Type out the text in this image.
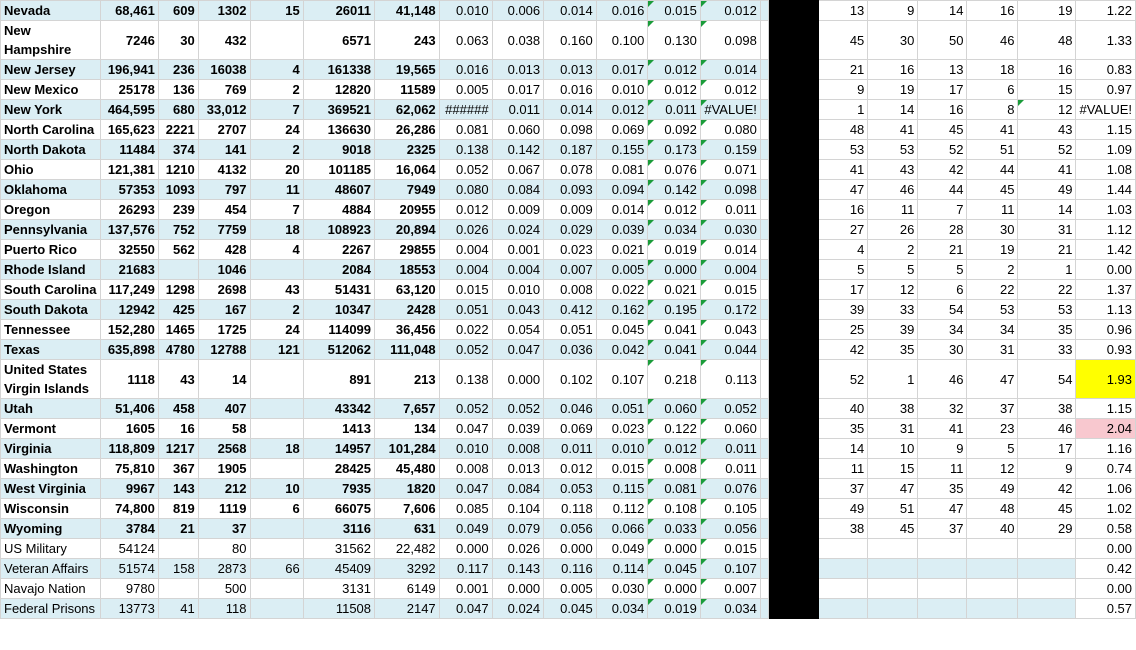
Nevada	68,461	609	1302	15	26011	41,148	0.010	0.006	0.014	0.016	0.015	0.012			13	9	14	16	19	1.22
New Hampshire	7246	30	432		6571	243	0.063	0.038	0.160	0.100	0.130	0.098			45	30	50	46	48	1.33
New Jersey	196,941	236	16038	4	161338	19,565	0.016	0.013	0.013	0.017	0.012	0.014			21	16	13	18	16	0.83
New Mexico	25178	136	769	2	12820	11589	0.005	0.017	0.016	0.010	0.012	0.012			9	19	17	6	15	0.97
New York	464,595	680	33,012	7	369521	62,062	######	0.011	0.014	0.012	0.011	#VALUE!			1	14	16	8	12	#VALUE!
North Carolina	165,623	2221	2707	24	136630	26,286	0.081	0.060	0.098	0.069	0.092	0.080			48	41	45	41	43	1.15
North Dakota	11484	374	141	2	9018	2325	0.138	0.142	0.187	0.155	0.173	0.159			53	53	52	51	52	1.09
Ohio	121,381	1210	4132	20	101185	16,064	0.052	0.067	0.078	0.081	0.076	0.071			41	43	42	44	41	1.08
Oklahoma	57353	1093	797	11	48607	7949	0.080	0.084	0.093	0.094	0.142	0.098			47	46	44	45	49	1.44
Oregon	26293	239	454	7	4884	20955	0.012	0.009	0.009	0.014	0.012	0.011			16	11	7	11	14	1.03
Pennsylvania	137,576	752	7759	18	108923	20,894	0.026	0.024	0.029	0.039	0.034	0.030			27	26	28	30	31	1.12
Puerto Rico	32550	562	428	4	2267	29855	0.004	0.001	0.023	0.021	0.019	0.014			4	2	21	19	21	1.42
Rhode Island	21683		1046		2084	18553	0.004	0.004	0.007	0.005	0.000	0.004			5	5	5	2	1	0.00
South Carolina	117,249	1298	2698	43	51431	63,120	0.015	0.010	0.008	0.022	0.021	0.015			17	12	6	22	22	1.37
South Dakota	12942	425	167	2	10347	2428	0.051	0.043	0.412	0.162	0.195	0.172			39	33	54	53	53	1.13
Tennessee	152,280	1465	1725	24	114099	36,456	0.022	0.054	0.051	0.045	0.041	0.043			25	39	34	34	35	0.96
Texas	635,898	4780	12788	121	512062	111,048	0.052	0.047	0.036	0.042	0.041	0.044			42	35	30	31	33	0.93
United States Virgin Islands	1118	43	14		891	213	0.138	0.000	0.102	0.107	0.218	0.113			52	1	46	47	54	1.93
Utah	51,406	458	407		43342	7,657	0.052	0.052	0.046	0.051	0.060	0.052			40	38	32	37	38	1.15
Vermont	1605	16	58		1413	134	0.047	0.039	0.069	0.023	0.122	0.060			35	31	41	23	46	2.04
Virginia	118,809	1217	2568	18	14957	101,284	0.010	0.008	0.011	0.010	0.012	0.011			14	10	9	5	17	1.16
Washington	75,810	367	1905		28425	45,480	0.008	0.013	0.012	0.015	0.008	0.011			11	15	11	12	9	0.74
West Virginia	9967	143	212	10	7935	1820	0.047	0.084	0.053	0.115	0.081	0.076			37	47	35	49	42	1.06
Wisconsin	74,800	819	1119	6	66075	7,606	0.085	0.104	0.118	0.112	0.108	0.105			49	51	47	48	45	1.02
Wyoming	3784	21	37		3116	631	0.049	0.079	0.056	0.066	0.033	0.056			38	45	37	40	29	0.58
US Military	54124		80		31562	22,482	0.000	0.026	0.000	0.049	0.000	0.015								0.00
Veteran Affairs	51574	158	2873	66	45409	3292	0.117	0.143	0.116	0.114	0.045	0.107								0.42
Navajo Nation	9780		500		3131	6149	0.001	0.000	0.005	0.030	0.000	0.007								0.00
Federal Prisons	13773	41	118		11508	2147	0.047	0.024	0.045	0.034	0.019	0.034								0.57
